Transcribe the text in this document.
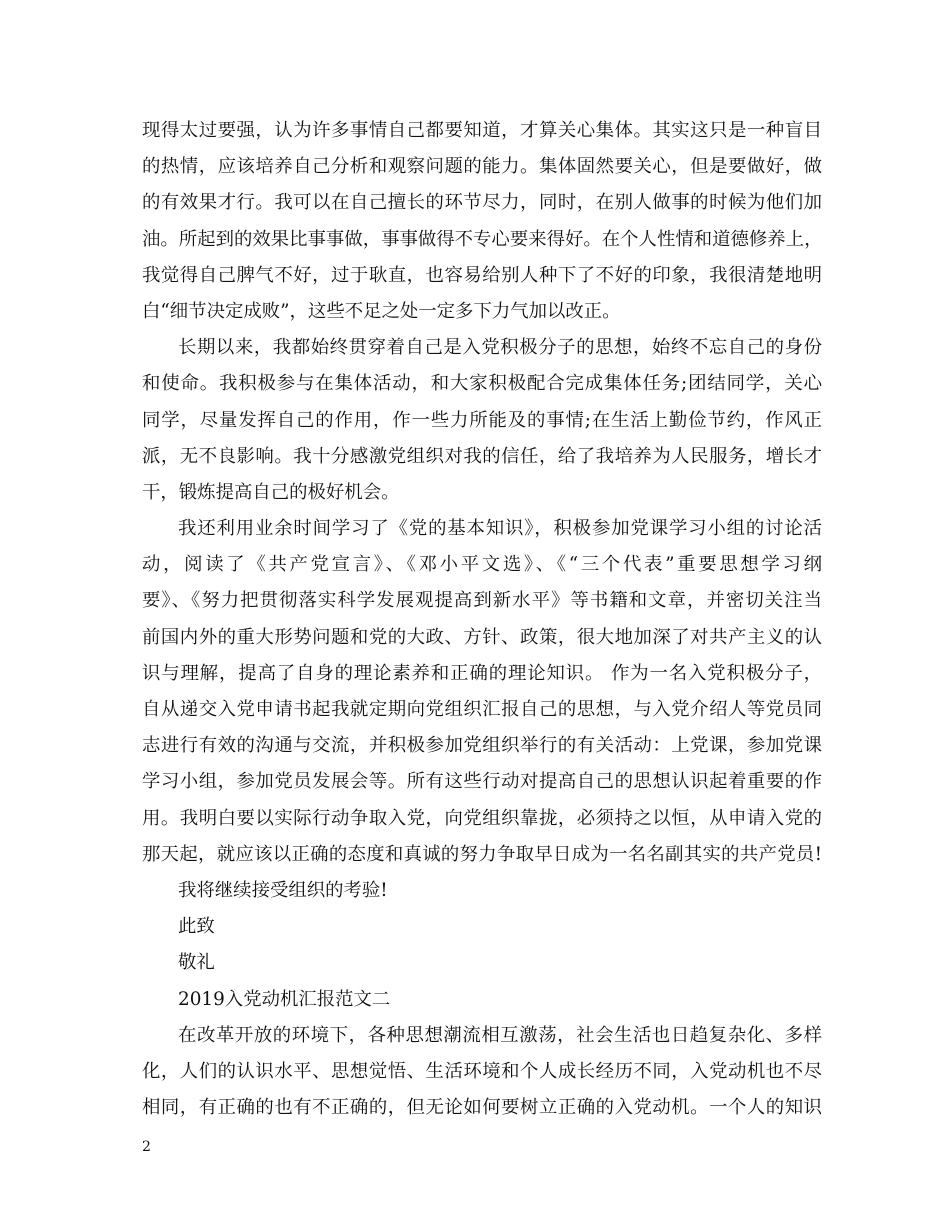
现得太过要强，认为许多事情自己都要知道，才算关心集体。其实这只是一种盲目
的热情，应该培养自己分析和观察问题的能力。集体固然要关心，但是要做好，做
的有效果才行。我可以在自己擅长的环节尽力，同时，在别人做事的时候为他们加
油。所起到的效果比事事做，事事做得不专心要来得好。在个人性情和道德修养上，
我觉得自己脾气不好，过于耿直，也容易给别人种下了不好的印象，我很清楚地明
白“细节决定成败”，这些不足之处一定多下力气加以改正。
长期以来，我都始终贯穿着自己是入党积极分子的思想，始终不忘自己的身份
和使命。我积极参与在集体活动，和大家积极配合完成集体任务;团结同学，关心
同学，尽量发挥自己的作用，作一些力所能及的事情;在生活上勤俭节约，作风正
派，无不良影响。我十分感激党组织对我的信任，给了我培养为人民服务，增长才
干，锻炼提高自己的极好机会。
我还利用业余时间学习了《党的基本知识》，积极参加党课学习小组的讨论活
动，阅读了《共产党宣言》、《邓小平文选》、《“三个代表”重要思想学习纲
要》、《努力把贯彻落实科学发展观提高到新水平》等书籍和文章，并密切关注当
前国内外的重大形势问题和党的大政、方针、政策，很大地加深了对共产主义的认
识与理解，提高了自身的理论素养和正确的理论知识。 作为一名入党积极分子，
自从递交入党申请书起我就定期向党组织汇报自己的思想，与入党介绍人等党员同
志进行有效的沟通与交流，并积极参加党组织举行的有关活动：上党课，参加党课
学习小组，参加党员发展会等。所有这些行动对提高自己的思想认识起着重要的作
用。我明白要以实际行动争取入党，向党组织靠拢，必须持之以恒，从申请入党的
那天起，就应该以正确的态度和真诚的努力争取早日成为一名名副其实的共产党员!
我将继续接受组织的考验!
此致
敬礼
2019入党动机汇报范文二
在改革开放的环境下，各种思想潮流相互激荡，社会生活也日趋复杂化、多样
化，人们的认识水平、思想觉悟、生活环境和个人成长经历不同，入党动机也不尽
相同，有正确的也有不正确的，但无论如何要树立正确的入党动机。一个人的知识
2
